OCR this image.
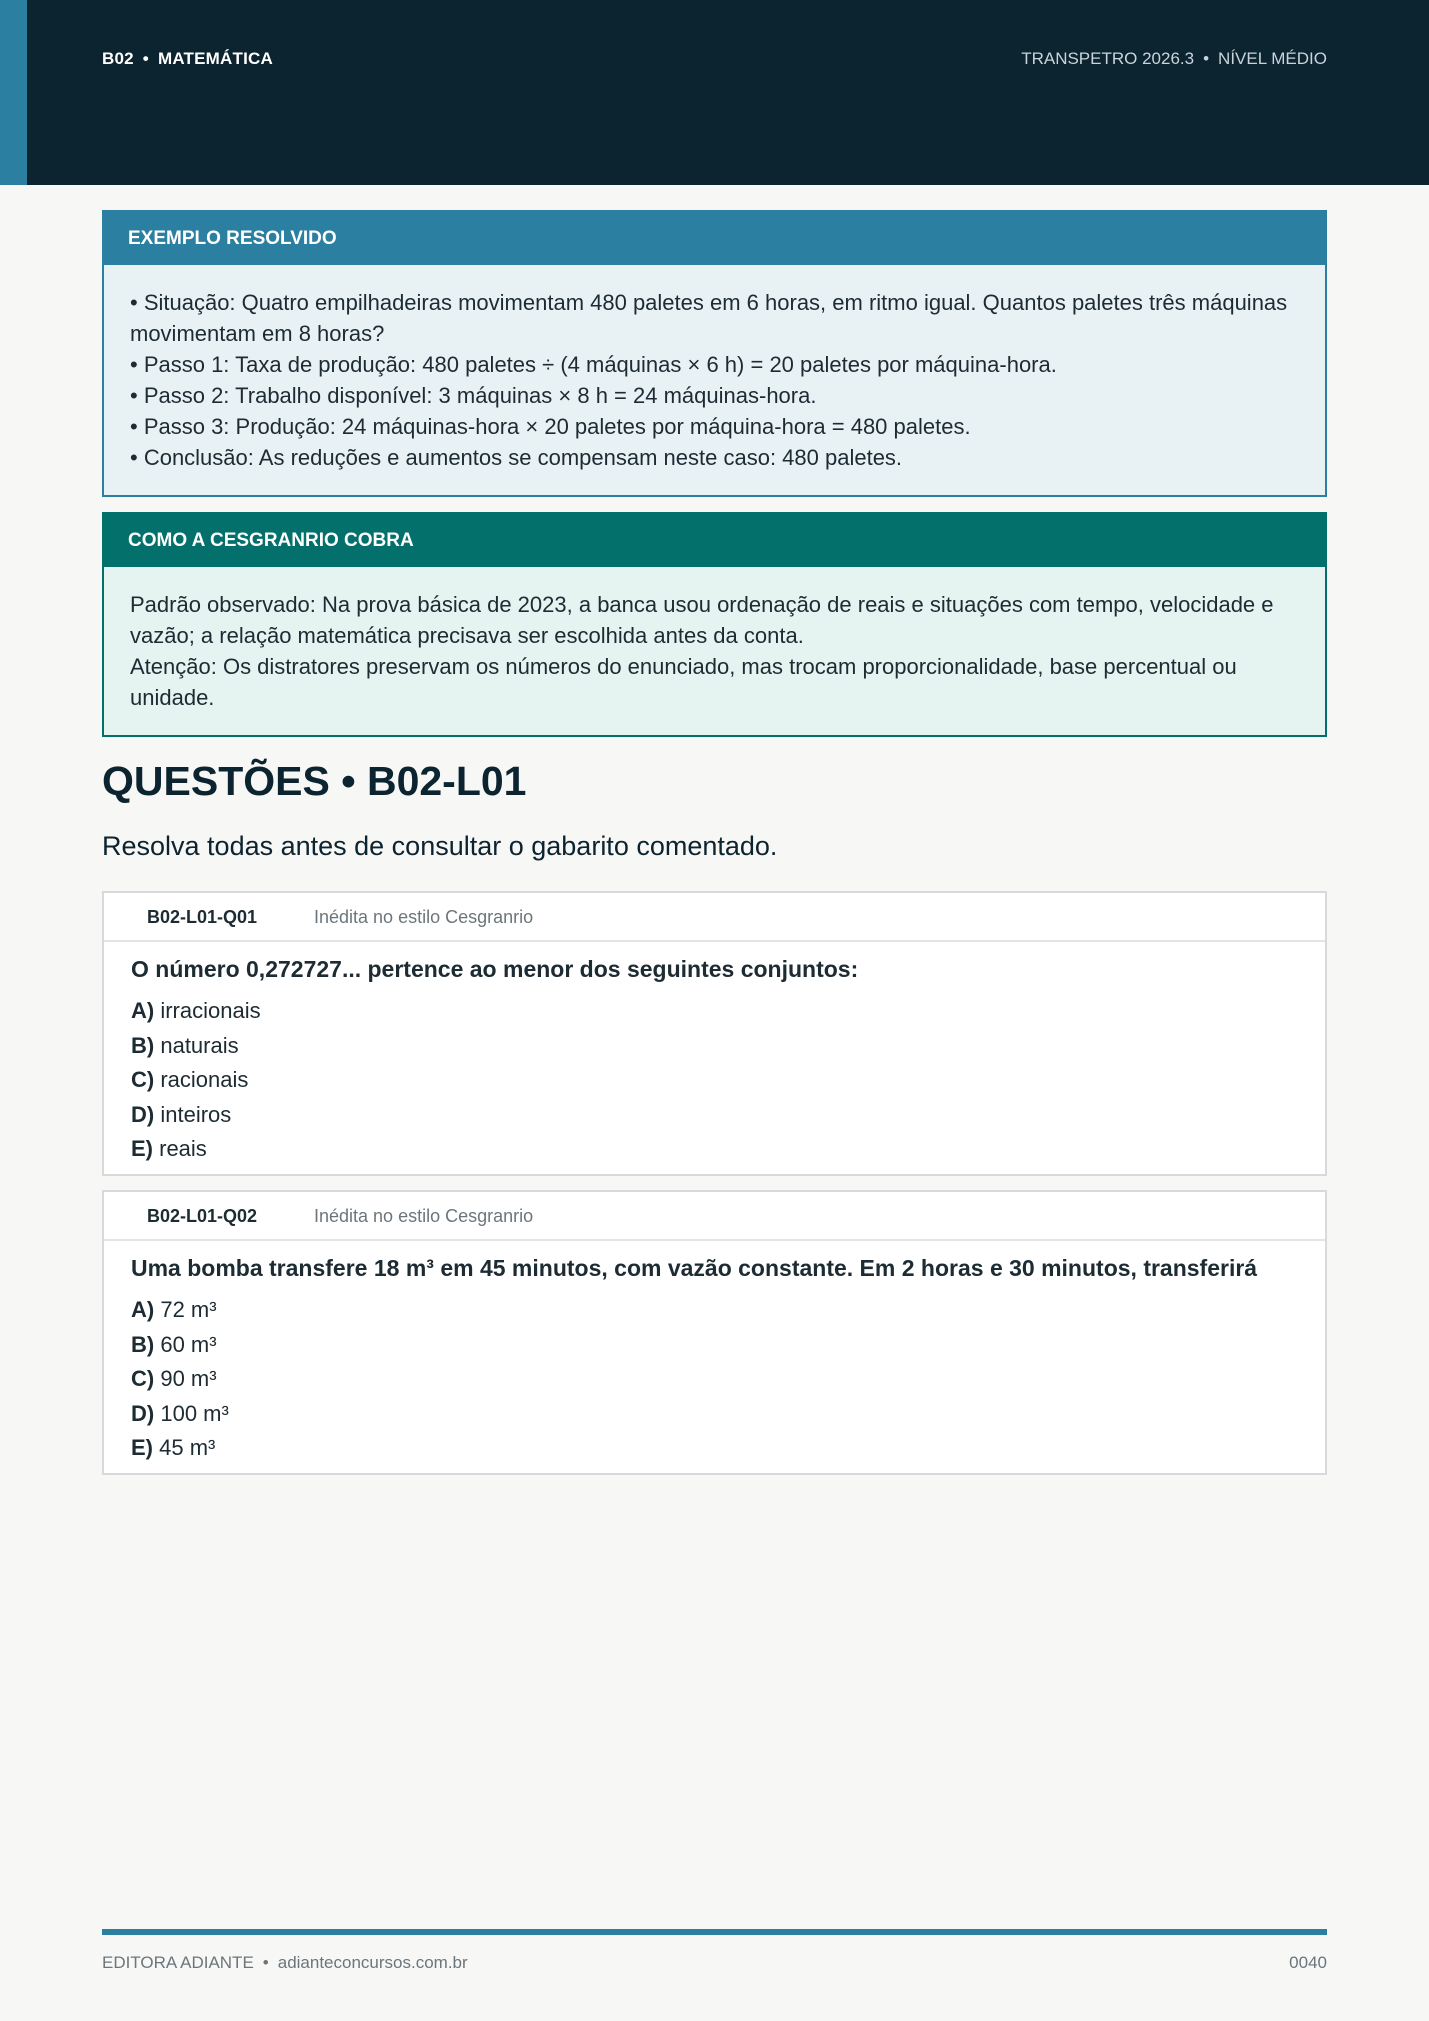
B02 • MATEMÁTICA	TRANSPETRO 2026.3 • NÍVEL MÉDIO
EXEMPLO RESOLVIDO

• Situação: Quatro empilhadeiras movimentam 480 paletes em 6 horas, em ritmo igual. Quantos paletes três máquinas movimentam em 8 horas?

• Passo 1: Taxa de produção: 480 paletes ÷ (4 máquinas × 6 h) = 20 paletes por máquina-hora.

• Passo 2: Trabalho disponível: 3 máquinas × 8 h = 24 máquinas-hora.

• Passo 3: Produção: 24 máquinas-hora × 20 paletes por máquina-hora = 480 paletes.

• Conclusão: As reduções e aumentos se compensam neste caso: 480 paletes.

COMO A CESGRANRIO COBRA

Padrão observado: Na prova básica de 2023, a banca usou ordenação de reais e situações com tempo, velocidade e vazão; a relação matemática precisava ser escolhida antes da conta.

Atenção: Os distratores preservam os números do enunciado, mas trocam proporcionalidade, base percentual ou unidade.

QUESTÕES • B02-L01

Resolva todas antes de consultar o gabarito comentado.

B02-L01-Q01	Inédita no estilo Cesgranrio
O número 0,272727... pertence ao menor dos seguintes conjuntos:
A) irracionais
B) naturais
C) racionais
D) inteiros
E) reais
B02-L01-Q02	Inédita no estilo Cesgranrio
Uma bomba transfere 18 m³ em 45 minutos, com vazão constante. Em 2 horas e 30 minutos, transferirá
A) 72 m³
B) 60 m³
C) 90 m³
D) 100 m³
E) 45 m³
EDITORA ADIANTE • adianteconcursos.com.br	0040
